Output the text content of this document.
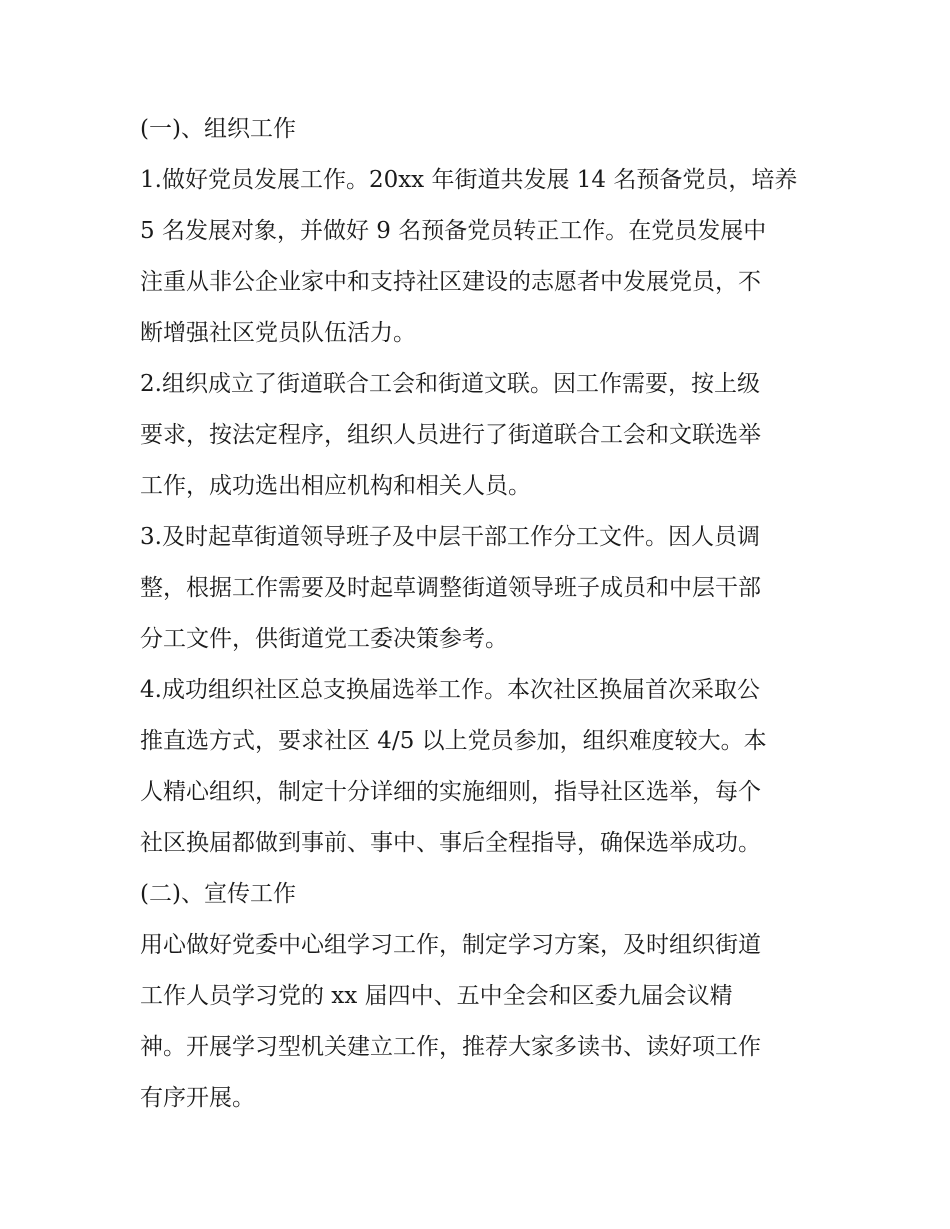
(一)、组织工作
1.做好党员发展工作。20xx 年街道共发展 14 名预备党员，培养
5 名发展对象，并做好 9 名预备党员转正工作。在党员发展中
注重从非公企业家中和支持社区建设的志愿者中发展党员，不
断增强社区党员队伍活力。
2.组织成立了街道联合工会和街道文联。因工作需要，按上级
要求，按法定程序，组织人员进行了街道联合工会和文联选举
工作，成功选出相应机构和相关人员。
3.及时起草街道领导班子及中层干部工作分工文件。因人员调
整，根据工作需要及时起草调整街道领导班子成员和中层干部
分工文件，供街道党工委决策参考。
4.成功组织社区总支换届选举工作。本次社区换届首次采取公
推直选方式，要求社区 4/5 以上党员参加，组织难度较大。本
人精心组织，制定十分详细的实施细则，指导社区选举，每个
社区换届都做到事前、事中、事后全程指导，确保选举成功。
(二)、宣传工作
用心做好党委中心组学习工作，制定学习方案，及时组织街道
工作人员学习党的 xx 届四中、五中全会和区委九届会议精
神。开展学习型机关建立工作，推荐大家多读书、读好项工作
有序开展。
